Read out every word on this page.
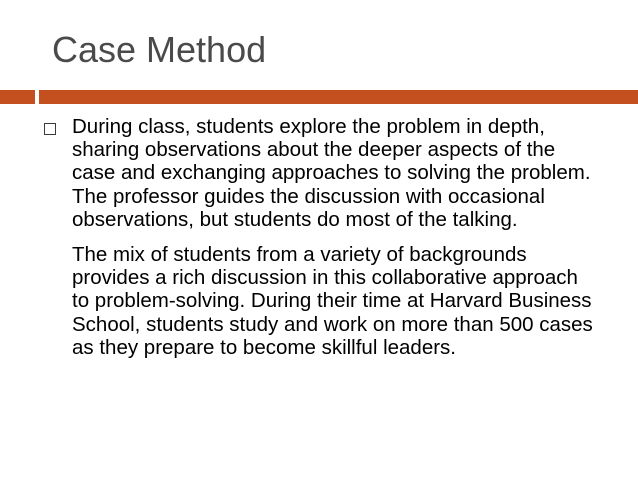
Case Method

During class, students explore the problem in depth, sharing observations about the deeper aspects of the case and exchanging approaches to solving the problem. The professor guides the discussion with occasional observations, but students do most of the talking.

The mix of students from a variety of backgrounds provides a rich discussion in this collaborative approach to problem-solving. During their time at Harvard Business School, students study and work on more than 500 cases as they prepare to become skillful leaders.
